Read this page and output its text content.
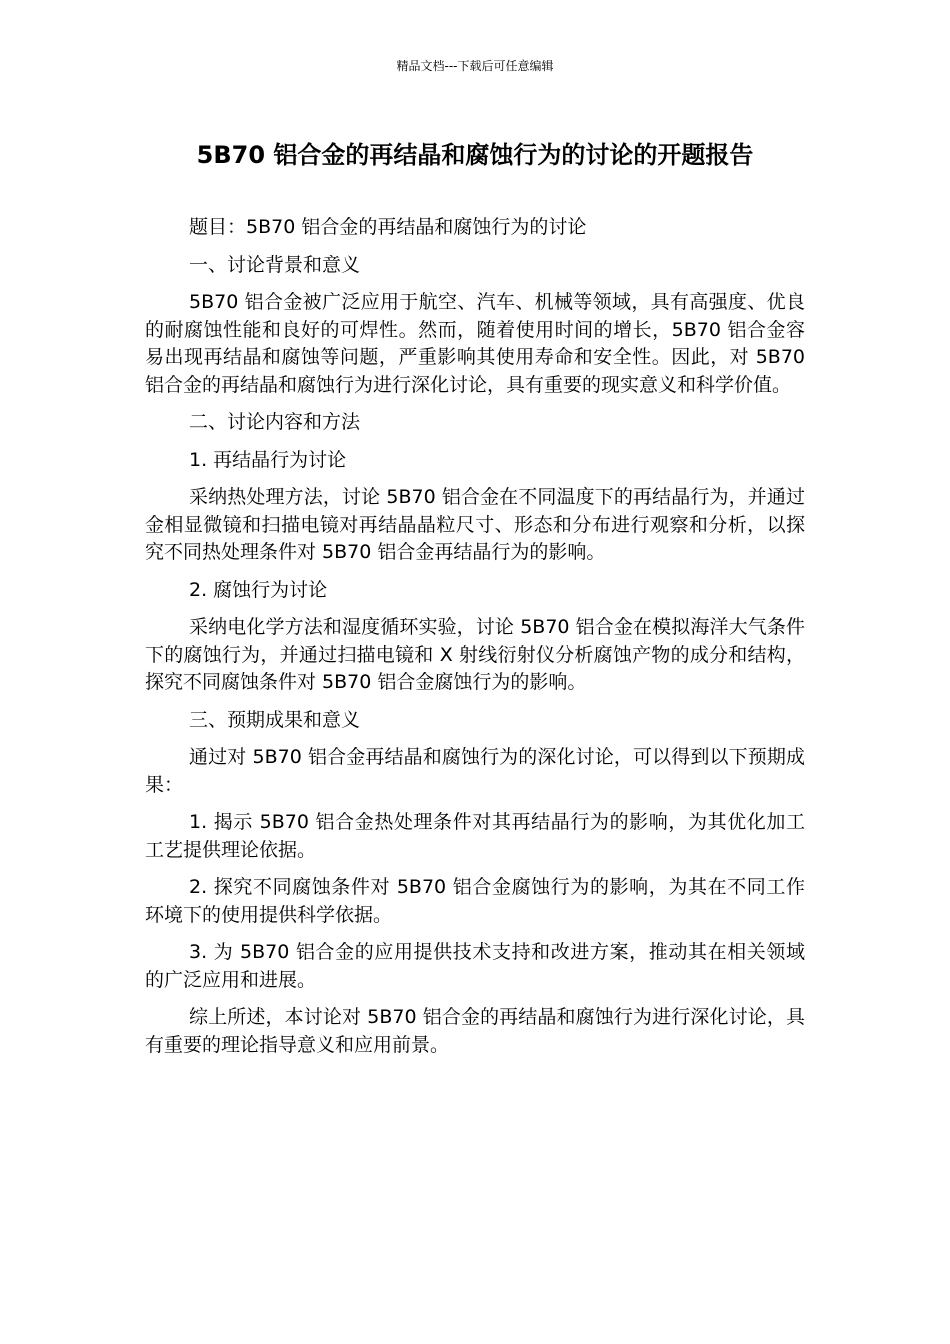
精品文档---下载后可任意编辑
5B70 铝合金的再结晶和腐蚀行为的讨论的开题报告

题目：5B70 铝合金的再结晶和腐蚀行为的讨论

一、讨论背景和意义

5B70 铝合金被广泛应用于航空、汽车、机械等领域，具有高强度、优良的耐腐蚀性能和良好的可焊性。然而，随着使用时间的增长，5B70 铝合金容易出现再结晶和腐蚀等问题，严重影响其使用寿命和安全性。因此，对 5B70 铝合金的再结晶和腐蚀行为进行深化讨论，具有重要的现实意义和科学价值。

二、讨论内容和方法

1. 再结晶行为讨论

采纳热处理方法，讨论 5B70 铝合金在不同温度下的再结晶行为，并通过金相显微镜和扫描电镜对再结晶晶粒尺寸、形态和分布进行观察和分析，以探究不同热处理条件对 5B70 铝合金再结晶行为的影响。

2. 腐蚀行为讨论

采纳电化学方法和湿度循环实验，讨论 5B70 铝合金在模拟海洋大气条件下的腐蚀行为，并通过扫描电镜和 X 射线衍射仪分析腐蚀产物的成分和结构，探究不同腐蚀条件对 5B70 铝合金腐蚀行为的影响。

三、预期成果和意义

通过对 5B70 铝合金再结晶和腐蚀行为的深化讨论，可以得到以下预期成果：

1. 揭示 5B70 铝合金热处理条件对其再结晶行为的影响，为其优化加工工艺提供理论依据。

2. 探究不同腐蚀条件对 5B70 铝合金腐蚀行为的影响，为其在不同工作环境下的使用提供科学依据。

3. 为 5B70 铝合金的应用提供技术支持和改进方案，推动其在相关领域的广泛应用和进展。

综上所述，本讨论对 5B70 铝合金的再结晶和腐蚀行为进行深化讨论，具有重要的理论指导意义和应用前景。
